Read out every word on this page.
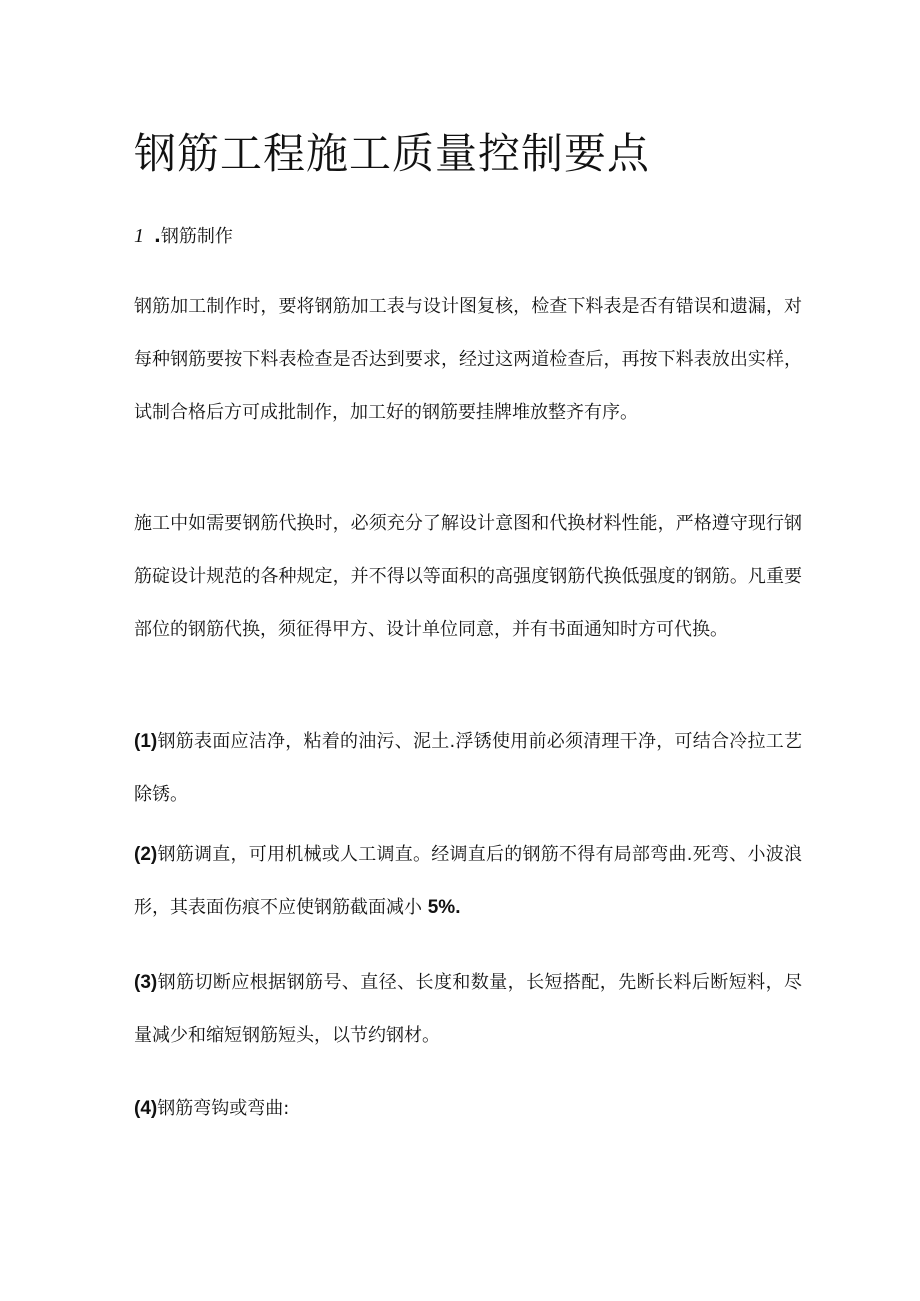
钢筋工程施工质量控制要点
1 .钢筋制作

钢筋加工制作时，要将钢筋加工表与设计图复核，检查下料表是否有错误和遗漏，对每种钢筋要按下料表检查是否达到要求，经过这两道检查后，再按下料表放出实样，试制合格后方可成批制作，加工好的钢筋要挂牌堆放整齐有序。

施工中如需要钢筋代换时，必须充分了解设计意图和代换材料性能，严格遵守现行钢筋碇设计规范的各种规定，并不得以等面积的高强度钢筋代换低强度的钢筋。凡重要部位的钢筋代换，须征得甲方、设计单位同意，并有书面通知时方可代换。

(1)钢筋表面应洁净，粘着的油污、泥土.浮锈使用前必须清理干净，可结合冷拉工艺除锈。

(2)钢筋调直，可用机械或人工调直。经调直后的钢筋不得有局部弯曲.死弯、小波浪形，其表面伤痕不应使钢筋截面减小 5%.

(3)钢筋切断应根据钢筋号、直径、长度和数量，长短搭配，先断长料后断短料，尽量减少和缩短钢筋短头，以节约钢材。

(4)钢筋弯钩或弯曲:
